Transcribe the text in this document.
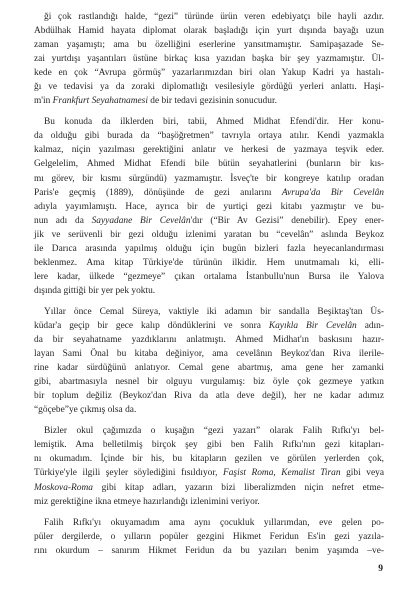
ği çok rastlandığı halde, “gezi” türünde ürün veren edebiyatçı bile hayli azdır.

Abdülhak Hamid hayata diplomat olarak başladığı için yurt dışında bayağı uzun

zaman yaşamıştı; ama bu özelliğini eserlerine yansıtmamıştır. Samipaşazade Se-

zai yurtdışı yaşantıları üstüne birkaç kısa yazıdan başka bir şey yazmamıştır. Ül-

kede en çok “Avrupa görmüş” yazarlarımızdan biri olan Yakup Kadri ya hastalı-

ğı ve tedavisi ya da zoraki diplomatlığı vesilesiyle gördüğü yerleri anlattı. Haşi-

m'in Frankfurt Seyahatnamesi de bir tedavi gezisinin sonucudur.

Bu konuda da ilklerden biri, tabii, Ahmed Midhat Efendi'dir. Her konu-

da olduğu gibi burada da “başöğretmen” tavrıyla ortaya atılır. Kendi yazmakla

kalmaz, niçin yazılması gerektiğini anlatır ve herkesi de yazmaya teşvik eder.

Gelgelelim, Ahmed Midhat Efendi bile bütün seyahatlerini (bunların bir kıs-

mı görev, bir kısmı sürgündü) yazmamıştır. İsveç'te bir kongreye katılıp oradan

Paris'e geçmiş (1889), dönüşünde de gezi anılarını Avrupa'da Bir Cevelân

adıyla yayımlamıştı. Hace, ayrıca bir de yurtiçi gezi kitabı yazmıştır ve bu-

nun adı da Sayyadane Bir Cevelân'dır (“Bir Av Gezisi” denebilir). Epey ener-

jik ve serüvenli bir gezi olduğu izlenimi yaratan bu “cevelân” aslında Beykoz

ile Darıca arasında yapılmış olduğu için bugün bizleri fazla heyecanlandırması

beklenmez. Ama kitap Türkiye'de türünün ilkidir. Hem unutmamalı ki, elli-

lere kadar, ülkede “gezmeye” çıkan ortalama İstanbullu'nun Bursa ile Yalova

dışında gittiği bir yer pek yoktu.

Yıllar önce Cemal Süreya, vaktiyle iki adamın bir sandalla Beşiktaş'tan Üs-

küdar'a geçip bir gece kalıp döndüklerini ve sonra Kayıkla Bir Cevelân adın-

da bir seyahatname yazdıklarını anlatmıştı. Ahmed Midhat'ın baskısını hazır-

layan Sami Önal bu kitaba değiniyor, ama cevelânın Beykoz'dan Riva ilerile-

rine kadar sürdüğünü anlatıyor. Cemal gene abartmış, ama gene her zamanki

gibi, abartmasıyla nesnel bir olguyu vurgulamış: biz öyle çok gezmeye yatkın

bir toplum değiliz (Beykoz'dan Riva da atla deve değil), her ne kadar adımız

“göçebe”ye çıkmış olsa da.

Bizler okul çağımızda o kuşağın “gezi yazarı” olarak Falih Rıfkı'yı bel-

lemiştik. Ama belletilmiş birçok şey gibi ben Falih Rıfkı'nın gezi kitapları-

nı okumadım. İçinde bir his, bu kitapların gezilen ve görülen yerlerden çok,

Türkiye'yle ilgili şeyler söylediğini fısıldıyor, Faşist Roma, Kemalist Tiran gibi veya

Moskova-Roma gibi kitap adları, yazarın bizi liberalizmden niçin nefret etme-

miz gerektiğine ikna etmeye hazırlandığı izlenimini veriyor.

Falih Rıfkı'yı okuyamadım ama aynı çocukluk yıllarımdan, eve gelen po-

püler dergilerde, o yılların popüler gezgini Hikmet Feridun Es'in gezi yazıla-

rını okurdum – sanırım Hikmet Feridun da bu yazıları benim yaşımda –ve-

9
